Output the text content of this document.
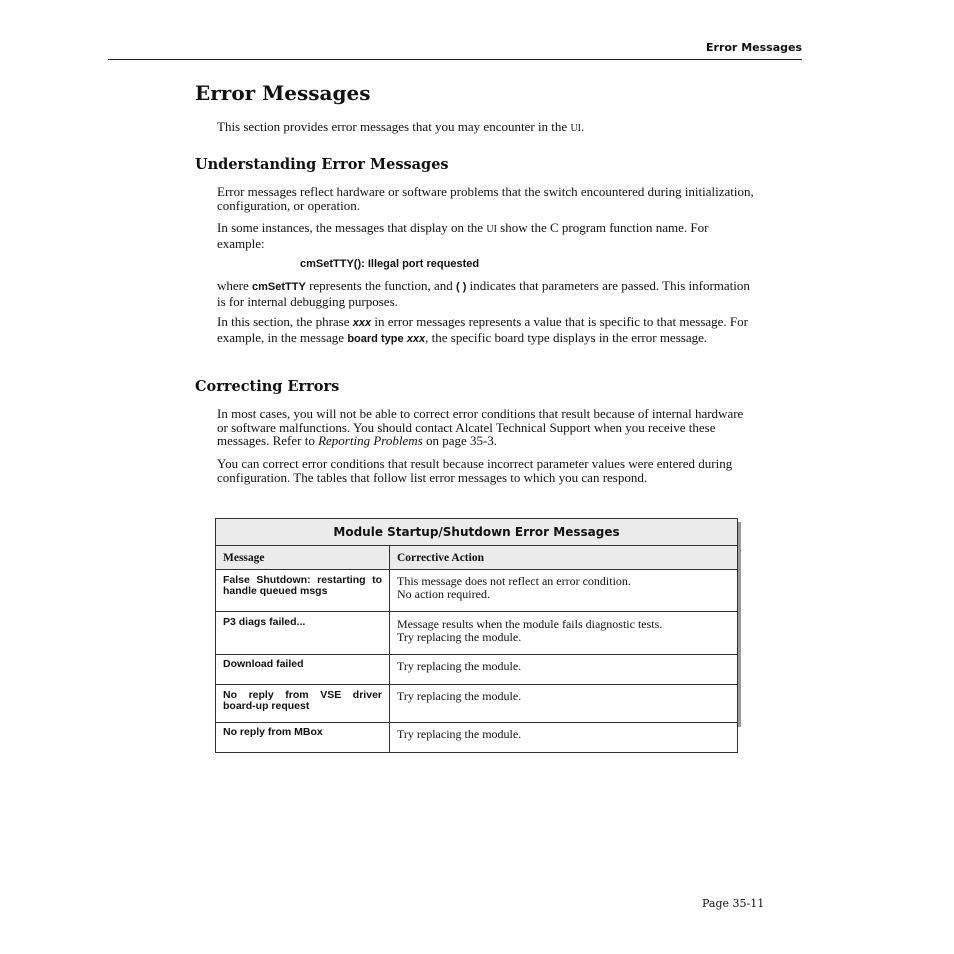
Error Messages
Error Messages

This section provides error messages that you may encounter in the UI.

Understanding Error Messages

Error messages reflect hardware or software problems that the switch encountered during initialization, configuration, or operation.

In some instances, the messages that display on the UI show the C program function name. For example:

cmSetTTY(): Illegal port requested

where cmSetTTY represents the function, and ( ) indicates that parameters are passed. This information is for internal debugging purposes.

In this section, the phrase xxx in error messages represents a value that is specific to that message. For example, in the message board type xxx, the specific board type displays in the error message.

Correcting Errors

In most cases, you will not be able to correct error conditions that result because of internal hardware or software malfunctions. You should contact Alcatel Technical Support when you receive these messages. Refer to Reporting Problems on page 35-3.

You can correct error conditions that result because incorrect parameter values were entered during configuration. The tables that follow list error messages to which you can respond.

Module Startup/Shutdown Error Messages	
Message	Corrective Action
False Shutdown: restarting to handle queued msgs	This message does not reflect an error condition.
No action required.

P3 diags failed...	Message results when the module fails diagnostic tests.
Try replacing the module.

Download failed	Try replacing the module.

No reply from VSE driver board-up request	Try replacing the module.

No reply from MBox	Try replacing the module.
Page 35-11
